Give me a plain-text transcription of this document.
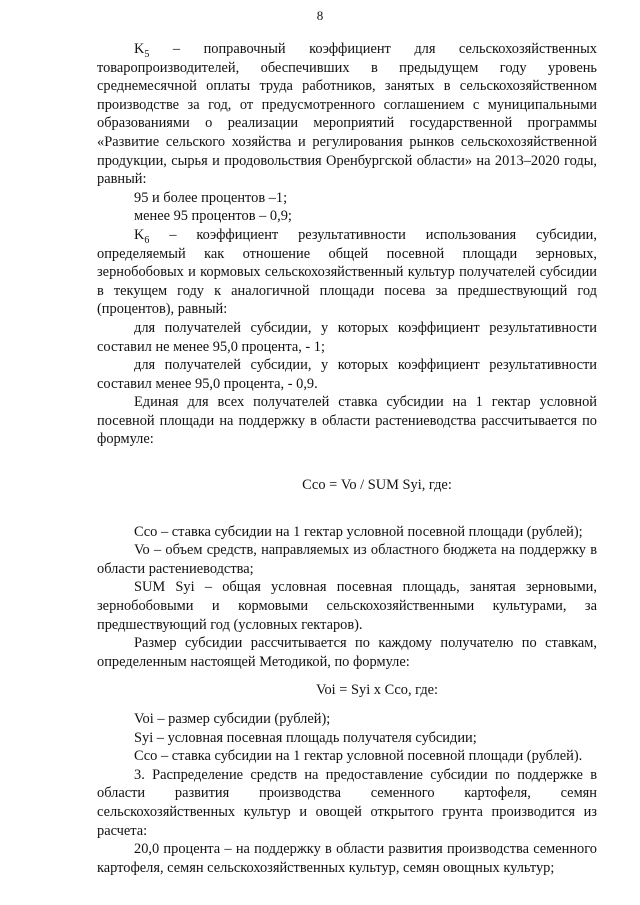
8

$K_5$ – поправочный коэффициент для сельскохозяйственных товаропроизводителей, обеспечивших в предыдущем году уровень среднемесячной оплаты труда работников, занятых в сельскохозяйственном производстве за год, от предусмотренного соглашением с муниципальными образованиями о реализации мероприятий государственной программы «Развитие сельского хозяйства и регулирования рынков сельскохозяйственной продукции, сырья и продовольствия Оренбургской области» на 2013–2020 годы, равный:

95 и более процентов –1;

менее 95 процентов – 0,9;

$K_6$ – коэффициент результативности использования субсидии, определяемый как отношение общей посевной площади зерновых, зернобобовых и кормовых сельскохозяйственный культур получателей субсидии в текущем году к аналогичной площади посева за предшествующий год (процентов), равный:

для получателей субсидии, у которых коэффициент результативности составил не менее 95,0 процента, - 1;

для получателей субсидии, у которых коэффициент результативности составил менее 95,0 процента, - 0,9.

Единая для всех получателей ставка субсидии на 1 гектар условной посевной площади на поддержку в области растениеводства рассчитывается по формуле:

Ссо = Vo / SUM Syi, где:

Ссо – ставка субсидии на 1 гектар условной посевной площади (рублей);

Vo – объем средств, направляемых из областного бюджета на поддержку в области растениеводства;

SUM Syi – общая условная посевная площадь, занятая зерновыми, зернобобовыми и кормовыми сельскохозяйственными культурами, за предшествующий год (условных гектаров).

Размер субсидии рассчитывается по каждому получателю по ставкам, определенным настоящей Методикой, по формуле:

Voi = Syi х Ссо, где:

Voi – размер субсидии (рублей);

Syi – условная посевная площадь получателя субсидии;

Ссо – ставка субсидии на 1 гектар условной посевной площади (рублей).

3. Распределение средств на предоставление субсидии по поддержке в области развития производства семенного картофеля, семян сельскохозяйственных культур и овощей открытого грунта производится из расчета:

20,0 процента – на поддержку в области развития производства семенного картофеля, семян сельскохозяйственных культур, семян овощных культур;
